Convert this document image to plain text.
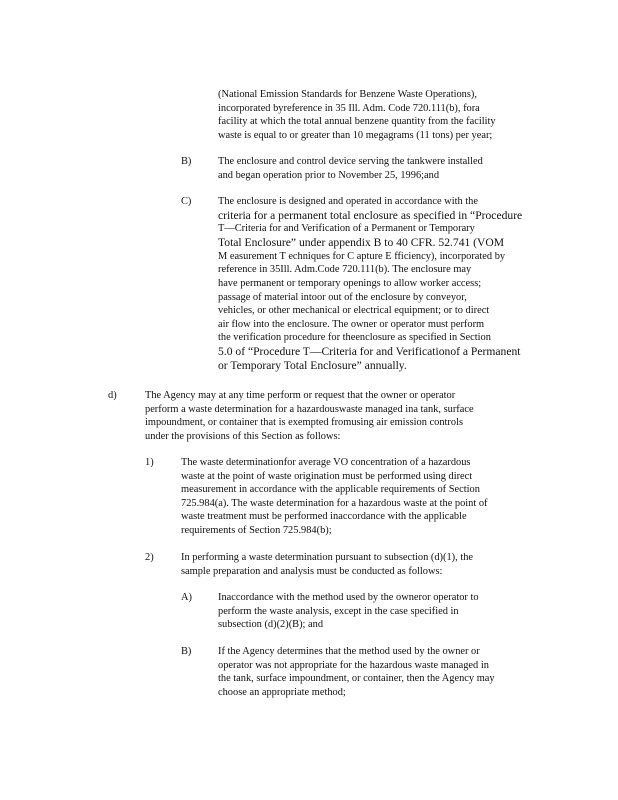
(National Emission Standards for Benzene Waste Operations),
incorporated byreference in 35 Ill. Adm. Code 720.111(b), fora
facility at which the total annual benzene quantity from the facility
waste is equal to or greater than 10 megagrams (11 tons) per year;
B)	The enclosure and control device serving the tankwere installed
and began operation prior to November 25, 1996;and
C)	The enclosure is designed and operated in accordance with the
criteria for a permanent total enclosure as specified in “Procedure
T—Criteria for and Verification of a Permanent or Temporary
Total Enclosure” under appendix B to 40 CFR. 52.741 (VOM
M easurement T echniques for C apture E fficiency), incorporated by
reference in 35Ill. Adm.Code 720.111(b). The enclosure may
have permanent or temporary openings to allow worker access;
passage of material intoor out of the enclosure by conveyor,
vehicles, or other mechanical or electrical equipment; or to direct
air flow into the enclosure. The owner or operator must perform
the verification procedure for theenclosure as specified in Section
5.0 of “Procedure T—Criteria for and Verificationof a Permanent
or Temporary Total Enclosure” annually.
d)	The Agency may at any time perform or request that the owner or operator
perform a waste determination for a hazardouswaste managed ina tank, surface
impoundment, or container that is exempted fromusing air emission controls
under the provisions of this Section as follows:
1)	The waste determinationfor average VO concentration of a hazardous
waste at the point of waste origination must be performed using direct
measurement in accordance with the applicable requirements of Section
725.984(a). The waste determination for a hazardous waste at the point of
waste treatment must be performed inaccordance with the applicable
requirements of Section 725.984(b);
2)	In performing a waste determination pursuant to subsection (d)(1), the
sample preparation and analysis must be conducted as follows:
A)	Inaccordance with the method used by the owneror operator to
perform the waste analysis, except in the case specified in
subsection (d)(2)(B); and
B)	If the Agency determines that the method used by the owner or
operator was not appropriate for the hazardous waste managed in
the tank, surface impoundment, or container, then the Agency may
choose an appropriate method;
